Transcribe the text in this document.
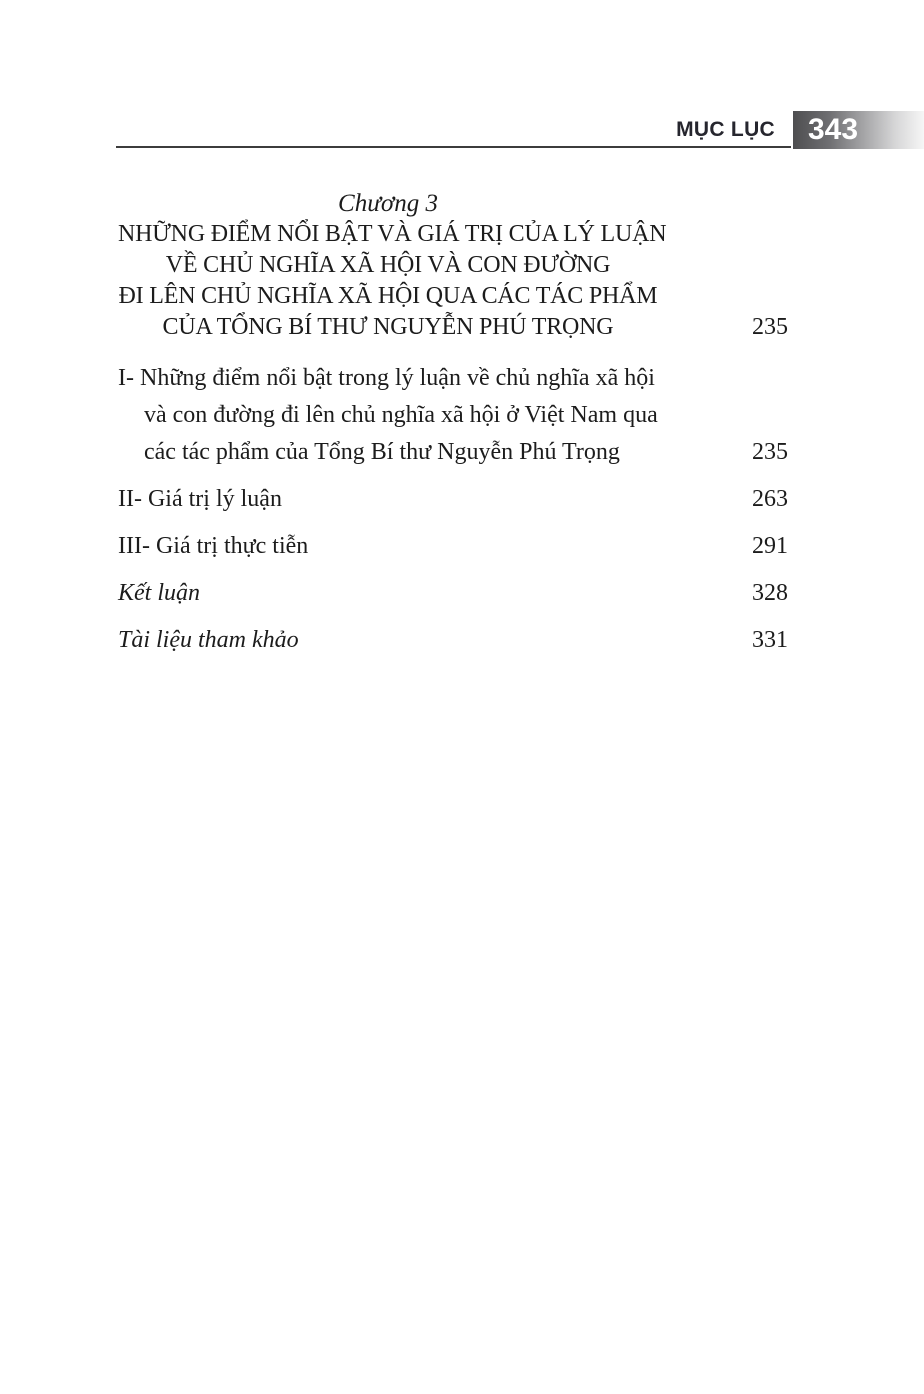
MỤC LỤC	343
Chương 3
NHỮNG ĐIỂM NỔI BẬT VÀ GIÁ TRỊ CỦA LÝ LUẬN
VỀ CHỦ NGHĨA XÃ HỘI VÀ CON ĐƯỜNG
ĐI LÊN CHỦ NGHĨA XÃ HỘI QUA CÁC TÁC PHẨM
CỦA TỔNG BÍ THƯ NGUYỄN PHÚ TRỌNG	235
I- Những điểm nổi bật trong lý luận về chủ nghĩa xã hội
và con đường đi lên chủ nghĩa xã hội ở Việt Nam qua
các tác phẩm của Tổng Bí thư Nguyễn Phú Trọng	235
II- Giá trị lý luận	263
III- Giá trị thực tiễn	291
Kết luận	328
Tài liệu tham khảo	331
